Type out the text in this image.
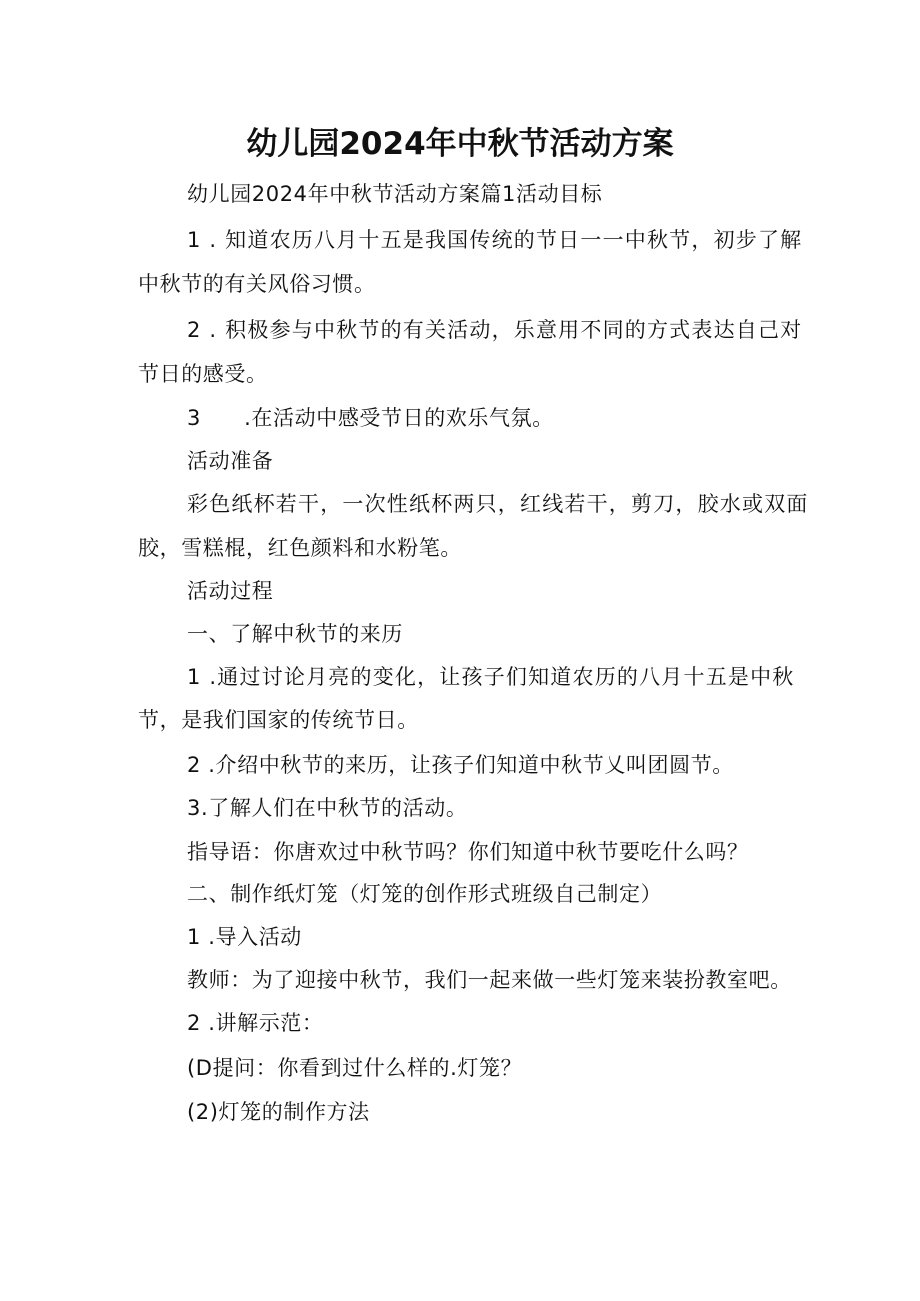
幼儿园2024年中秋节活动方案
幼儿园2024年中秋节活动方案篇1活动目标
1 . 知道农历八月十五是我国传统的节日一一中秋节，初步了解
中秋节的有关风俗习惯。
2 . 积极参与中秋节的有关活动，乐意用不同的方式表达自己对
节日的感受。
3　　.在活动中感受节日的欢乐气氛。
活动准备
彩色纸杯若干，一次性纸杯两只，红线若干，剪刀，胶水或双面
胶，雪糕棍，红色颜料和水粉笔。
活动过程
一、了解中秋节的来历
1 .通过讨论月亮的变化，让孩子们知道农历的八月十五是中秋
节，是我们国家的传统节日。
2 .介绍中秋节的来历，让孩子们知道中秋节乂叫团圆节。
3.了解人们在中秋节的活动。
指导语：你唐欢过中秋节吗？你们知道中秋节要吃什么吗？
二、制作纸灯笼（灯笼的创作形式班级自己制定）
1 .导入活动
教师：为了迎接中秋节，我们一起来做一些灯笼来装扮教室吧。
2 .讲解示范：
(D提问：你看到过什么样的.灯笼？
(2)灯笼的制作方法
